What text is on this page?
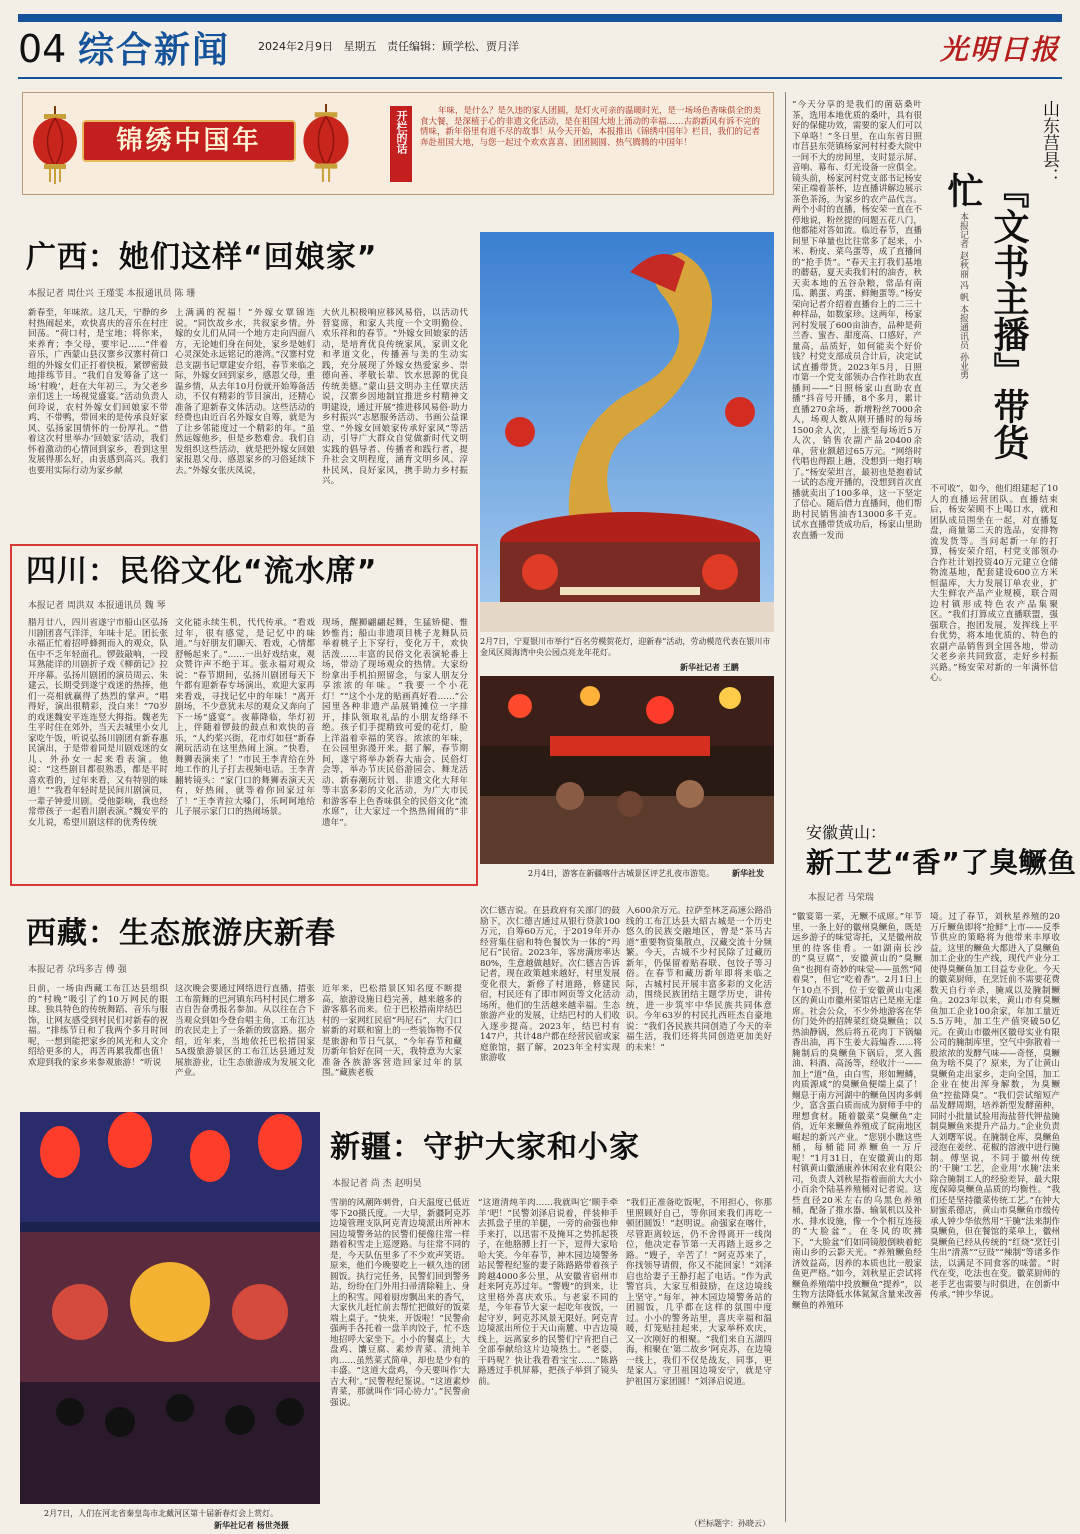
04 综合新闻	2024年2月9日 星期五 责任编辑：顾学松、贾月洋	光明日报
锦绣中国年	开栏的话	年味，是什么？是久违的家人团圆，是灯火可亲的温暖时光，是一场场色香味俱全的美食大餐，是深植于心的非遗文化活动，是在祖国大地上涌动的幸福……古韵新风有诉不完的情味，新年俗里有道不尽的故事！从今天开始，本报推出《锦绣中国年》栏目，我们的记者奔赴祖国大地，与您一起过个欢欢喜喜、团团圆圆、热气腾腾的中国年！
广西：她们这样“回娘家”
本报记者 周仕兴 王瑾雯 本报通讯员 陈 珊
新春至，年味浓。这几天，宁静的乡村热闹起来，欢快喜庆的音乐在村庄回荡。“荷口村，是宝地；将你来，来养育；李父母，要牢记……”伴着音乐，广西蒙山县汉寨乡汉寨村荷口组的外嫁女们正打着快板，紧锣密鼓地排练节目。“我们自发筹备了这一场‘村晚’，赶在大年初三，为父老乡亲们送上一场视觉盛宴。”活动负责人何玲说，农村外嫁女们回娘家不带鸡、不带鸭，带回来的是传承良好家风、弘扬家国情怀的一份厚礼。“借着这次村里举办‘回娘家’活动，我们怀着激动的心情回到家乡，看到这里发展得那么好，由衷感到高兴。我们也要用实际行动为家乡献
上满满的祝福！”外嫁女覃锦连说。“同饮故乡水，共叙家乡情。外嫁的女儿们从同一个地方走向四面八方，无论她们身在何处，家乡是她们心灵深处永远铭记的港湾。”汉寨村党总支副书记覃建安介绍，春节来临之际，外嫁女回到家乡，感恩父母，重温乡情，从去年10月份就开始筹备活动，不仅有精彩的节目演出，还精心准备了迎新春文体活动。这些活动的经费也由近百名外嫁女自筹，就是为了让乡邻能度过一个精彩的年。“虽然远嫁他乡，但是乡愁难舍。我们自发组织这些活动，就是把外嫁女回娘家报恩父母、感恩家乡的习俗延续下去。”外嫁女张庆凤说，
大伙儿积极响应移风易俗，以活动代替宴席，和家人共度一个文明勤俭、欢乐祥和的春节。“外嫁女回娘家的活动，是培育优良传统家风，家训文化和孝道文化，传播善与美的生动实践，充分展现了外嫁女热爱家乡、崇德向善、孝敬长辈、饮水思源的优良传统美德。”蒙山县文明办主任覃庆活说，汉寨乡因地制宜推进乡村精神文明建设，通过开展“推进移风易俗·助力乡村振兴”志愿服务活动、书画公益课堂、“外嫁女回娘家传承好家风”等活动，引导广大群众自觉做新时代文明实践的倡导者、传播者和践行者，提升社会文明程度，涵育文明乡风、淳朴民风、良好家风，携手助力乡村振兴。
2月7日，宁夏银川市举行“百名劳模贺花灯，迎新春”活动，劳动模范代表在银川市金凤区阅海湾中央公园点亮龙年花灯。
新华社记者 王鹏
2月4日，游客在新疆喀什古城景区评艺扎夜市游览。	新华社发
四川：民俗文化“流水席”
本报记者 周洪双 本报通讯员 魏 琴
腊月廿八，四川省遂宁市船山区弘扬川剧团喜气洋洋，年味十足。团长张永福正忙着招呼蜂拥而入的观众，队伍中不乏年轻面孔。锣鼓敲响，一段耳熟能详的川剧折子戏《柳荫记》拉开序幕。弘扬川剧团的演员周云、朱建云，长期受到遂宁戏迷的热捧，他们一亮相就赢得了热烈的掌声。“唱得好，演出很精彩，没白来！”70岁的戏迷魏安平连连竖大拇指。魏老先生平时住在郊外，当天去城里小女儿家吃午饭，听说弘扬川剧团有新春惠民演出，于是带着同是川剧戏迷的女儿、外孙女一起来看表演。他说：“这些剧目都很熟悉，都是平时喜欢看的，过年来看，又有特别的味道！”“我看年轻时是民间川剧演员，一辈子钟爱川剧。受他影响，我也经常带孩子一起看川剧表演。”魏安平的女儿说，希望川剧这样的优秀传统
文化能永续生机，代代传承。“看戏过年，很有感觉，是记忆中的味道。”与好朋友们聊天、看戏，心情都舒畅起来了。”……一出好戏结束，观众赞许声不绝于耳。张永福对观众说：“春节期间，弘扬川剧团每天下午都有迎新春专场演出，欢迎大家再来看戏，寻找记忆中的年味！”离开剧场，不少意犹未尽的观众又奔向了下一场“盛宴”。夜幕降临，华灯初上，伴随着锣鼓的鼓点和欢快的音乐，“人约桨兴街，花市灯如昼”新春潮玩活动在这里热闹上演。“快看，舞狮表演来了！”市民王李青给在外地工作的儿子打去视频电话。王李青翻转镜头：“家门口的舞狮表演天天有，好热闹，就等着你回家过年了！”王李青拉大嗓门，乐呵呵地给儿子展示家门口的热闹场景。
现场，醒狮翩翩起舞，生猛矫健、惟妙惟肖；船山非遗项目桃子龙舞队员举着桃子上下穿行，变化万千，欢快活泼……丰富的民俗文化表演轮番上场，带动了现场观众的热情。大家纷纷拿出手机拍照留念，与家人朋友分享浓浓的年味。“我要一个小花灯！”“这个小龙的贴画真好看……”公园里各种非遗产品展销摊位一字排开，排队领取礼品的小朋友络绎不绝。孩子们手提精致可爱的花灯，脸上洋溢着幸福的笑容。浓浓的年味，在公园里弥漫开来。据了解，春节期间，遂宁将举办新春大庙会、民俗灯会等，举办节庆民俗游园会、舞龙活动、新春潮玩计划、非遗文化大拜年等丰富多彩的文化活动，为广大市民和游客奉上色香味俱全的民俗文化“流水席”，让大家过一个热热闹闹的“非遗年”。
西藏：生态旅游庆新春
本报记者 尕玛多吉 傅 强
日前，一场由西藏工布江达县组织的“村晚”吸引了约10万网民的眼球。独具特色的传统舞蹈、音乐与服饰，让网友感受到村民们对新春的祝福。“排练节日和了我两个多月时间呢，一想到能把家乡的风光和人文介绍给更多的人，再苦再累我都也值！欢迎到我的家乡来参观旅游！”听说
这次晚会要通过网络进行直播，措张工布箭舞的巴河镇东玛村村民仁增多吉自告奋勇报名参加。从以往在合下当观众到如今登台唱主角，工布江达的农民走上了一条新的致富路。据介绍，近年来，当地依托巴松措国家5A级旅游景区的工布江达县通过发展旅游业，让生态旅游成为发展文化产业。
近年来，巴松措景区知名度不断提高，旅游设施日趋完善，越来越多的游客慕名而来。位于巴松措南岸结巴村的一家网红民宿“玛尼石”，大门口崭新的对联和窗上的一些装饰物不仅是旅游和节日气氛，“今年春节和藏历新年恰好在同一天，我特意为大家准备各族游客营造回家过年的氛围。”藏族老板
次仁德吉说。在县政府有关部门的鼓励下，次仁德吉通过从银行贷款100万元，自筹60万元，于2019年开办经营集住宿和特色餐饮为一体的“玛尼石”民宿。2023年，客房满房率达80%，生意越做越好。次仁德吉告诉记者，现在政策越来越好，村里发展变化很大，新修了村道路，修建民宿，村民还有了即市网页等文化活动场所，他们的生活越来越幸福。生态旅游产业的发展，让结巴村的人们收入逐步提高。2023年，结巴村有147户，共计48户都在经营民宿或家庭旅馆，据了解，2023年全村实现旅游收
入600余万元。拉萨至林芝高速公路沿线的工布江达县大昭古城是一个历史悠久的民族交融地区，曾是“茶马古道”重要物资集散点，汉藏交流十分频繁。今天，古城不少村民除了过藏历新年，仍保留着贴春联、包饺子等习俗。在春节和藏历新年即将来临之际，古城村民开展丰富多彩的文化活动，围绕民族团结主题学历史，讲传统，进一步筑牢中华民族共同体意识。今年63岁的村民扎西旺杰自豪地说：“我们各民族共同创造了今天的幸福生活，我们还将共同创造更加美好的未来！”
2月7日，人们在河北省秦皇岛市北戴河区第十届新春灯会上赏灯。
新华社记者 杨世尧摄
新疆：守护大家和小家
本报记者 尚 杰 赵明昊
雪崩的风潮阵刺骨，白天温度已低近零下20摄氏度。一大早，新疆阿克苏边境管理支队阿克青边境派出所神木园边境警务站的民警们便像往常一样踏着积雪走上巡逻路。与往常不同的是，今天队伍里多了不少欢声笑语。原来，他们今晚要吃上一顿久违的团圆饭。执行完任务，民警们回到警务站，纷纷在门外用扫帚清除鞋上、身上的积雪。闻着厨房飘出来的香气，大家伙儿赶忙前去帮忙把做好的饭菜端上桌子。“快来，开饭啦！”民警俞强两手各托着一盘羊肉饺子，忙不迭地招呼大家坐下。小小的餐桌上，大盘鸡、馕豆腐、素炒青菜、清炖羊肉……虽然菜式简单，却也是少有的丰盛。“这道大盘鸡，今天要叫作‘大吉大利’。”民警程纪鉴说。“这道素炒青菜，那就叫作‘同心协力’。”民警俞强说。
“这道清炖羊肉……我就叫它‘顺手牵羊’吧！”民警刘泽启说着，伴装伸手去抓盘子里的羊腿，一旁的俞强也伸手来打，以迅雷不及掩耳之势抓起筷子，在他胳膊上打一下，逗得大家哈哈大笑。今年春节，神木园边境警务站民警程纪鉴的妻子陈路路带着孩子跨越4000多公里，从安徽省宿州市赶来阿克苏过年。“警嫂”的到来，让这里格外喜庆欢乐。与老家不同的是，今年春节大家一起吃年夜饭，一起守岁，阿克苏风景无限好。阿克青边境派出所位于天山南麓、中吉边境线上，远离家乡的民警们宁肯把自己全部奉献给这片边境热土。“老婆，干吗呢？快让我看看宝宝……”陈路路透过手机屏幕，把孩子举到了镜头前。
“我们正准备吃饭呢，不用担心，你那里照顾好自己，等你回来我们再吃一顿团圆饭！”赵明说。俞强家在喀什，尽管距离较远，仍不舍得离开一线岗位，他决定春节第一天再踏上返乡之路。“嫂子，辛苦了！”阿克苏来了，你找领导请假，你又不能回家！”刘泽启也给妻子王静打起了电话。“作为武警官兵，大家互相鼓励，在这边境线上坚守。”每年，神木园边境警务站的团圆饭，几乎都在这样的氛围中度过。小小的警务站里，喜庆幸福和温暖，灯笼贴挂起来，大家举杯欢庆，又一次刚好的相聚。“我们来自五湖四海，相聚在‘第二故乡’阿克苏，在边境一线上，我们不仅是战友，同事，更是家人。守卫祖国边境安宁，就是守护祖国万家团圆！”刘泽启说道。
（栏标题字：孙晓云）
“今天分享的是我们的菌菇桑叶茶，选用本地优质的桑叶，具有很好的保健功效，需要的家人们可以下单咯！”冬日里，在山东省日照市莒县东莞镇杨家河村村委大院中一间不大的房间里，支时显示屏、音响、幕布、灯光设备一应俱全。镜头前，杨家河村党支部书记杨安荣正端着茶杯，边直播讲解边展示茶色茶汤，为家乡的农产品代言。两个小时的直播，杨安荣一直在不停地说，粉丝提的问题五花八门，他都能对答如流。临近春节，直播间里下单量也比往常多了起来，小米、粉皮、菜鸟蛋等，成了直播间的“抢手货”。“春天主打我们基地的蘑菇，夏天卖我们村的油杏，秋天卖本地的五谷杂粮，常品有南瓜、鹅蛋、鸡蛋、鲜鲍蛋等。”杨安荣向记者介绍着直播台上的二三十种样品，如数家珍。这两年，杨家河村发展了600亩油杏，品种是荷兰香、蜜杏、甜度高、口感好，产量高，品质好，如何能卖个好价钱？村党支部成员合计后，决定试试直播带货。2023年5月，日照市第一个党支部领办合作社助农直播间——“日照杨家山直助农直播”抖音号开播，8个多月，累计直播270余场，新增粉丝7000余人，场观人数从刚开播时的每场1500余人次，上涨至每场近5万人次，销售农副产品20400余单，营业额超过65万元。“网络时代唱也得跟上趟，没想到一炮打响了。”杨安荣坦言，最初也是抱着试一试的态度开播的，没想到首次直播就卖出了100多单，这一下坚定了信心。随后借力直播间，他们帮助村民销售油杏13000多千克。试水直播带货成功后，杨家山里助农直播一发而
山东莒县：
『文书主播』带货忙
本报记者 赵秋丽 冯 帆 本报通讯员 孙业勇
不可收”，如今，他们组建起了10人的直播运营团队。直播结束后，杨安荣顾不上喝口水，就和团队成员围坐在一起，对直播复盘，商量第二天的选品，安排物流发货等。当问起新一年的打算，杨安荣介绍，村党支部领办合作社计划投资40万元建立仓储物流基地，配套建设600立方米恒温库，大力发展订单农业，扩大生鲜农产品产业规模，联合周边村镇形成特色农产品集聚区。“我们打算成立直播联盟，强强联合，抱团发展，发挥线上平台优势，将本地优质的、特色的农副产品销售到全国各地，带动父老乡亲共同致富，走好乡村振兴路。”杨安荣对新的一年满怀信心。
安徽黄山：
新工艺“香”了臭鳜鱼
本报记者 马荣瑞
“徽宴第一菜，无鳜不成席。”年节里，一条上好的徽州臭鳜鱼，既是远乡游子的味觉寄托，又是徽州故里的待客佳肴。一如湖南长沙的“臭豆腐”，安徽黄山的“臭鳜鱼”也拥有奇妙的味觉——虽然“闻着臭”，但它“吃着香”。2月1日上午10点不到，位于安徽黄山屯溪区的黄山市徽州菜馆店已是座无虚席。社会公众，不少外地游客在华仿门处外的招牌菜红烧臭鳜鱼；以热油静锅，然后将五花肉丁下锅煸香出油，再下生姜大蒜煸香……将腌制后的臭鳜鱼下锅后，烹入酱油、料酒、高汤等，经收汁一——加上“道”鱼，由白雪，形如鲤鳞，肉质源咸”的臭鳜鱼便端上桌了！鲴息于南方河湖中的鳜鱼因肉多刺少，富含蛋白质而成为厨师手中的理想食材。随着徽菜“臭鳜鱼”走俏，近年来鳜鱼养殖成了皖南地区崛起的新兴产业。“您别小瞧这些桶，每桶能同养鳜鱼一万斤呢！”1月31日，在安徽黄山的郑村镇黄山徽涵康养休闲农业有限公司，负责人刘秋星指着面前大大小小百余个陆基养殖桶对记者说。这些直径20米左右的乌黑色养殖桶，配备了推水器、输氧机以及补水、排水设施，像一个个相互连接的“大脸盆”。在冬风的吹拂下，“大脸盆”们如同镜般倒映着蛇南山乡的云影天光。“养殖鳜鱼经济效益高，因养的本质也比一般家鱼更严格。”如今，刘秋星正尝试将鳜鱼养殖端中投放鳜鱼“提养”，以生物方法降低水体氮氮含量来改善鳜鱼的养殖环
境。过了春节，刘秋星养殖的20万斤鳜鱼即将“抢鲜”上市——反季节供应的策略将为他带来丰厚收益。这里的鳜鱼大都进入了臭鳜鱼加工企业的生产线，现代产业分工使得臭鳜鱼加工目益专业化。今天的徽菜厨师，在烹饪前不需要花费数天自行辛杀，腌咸以及腌制鳜鱼。2023年以来，黄山市有臭鳜鱼加工企业100余家，年加工量近5.5万吨，加工生产值突破50亿元。在黄山市徽州区徽母实业有限公司的腌制库里，空气中弥散着一股浓浓的发酵气味——奇怪，臭鳜鱼为啥不臭了？原来，为了让黄山臭鳜鱼走出家乡，走向全国，加工企业在使出浑身解数，为臭鳜鱼“控盐降臭”。“我们尝试缩短产品发酵周期，培养新型发酵菌种，同时小批量试验用海盐替代钾盐腌制臭鳜鱼来提升产品力。”企业负责人刘曙军说。在腌制仓库，臭鳜鱼浸泡在姜丝、花椒的溶液中进行腌制。傅坚说，不同于徽州传统的‘干腌’工艺，企业用‘水腌’法来除合腌制工人的经验差异，最大限度保障臭鳜鱼品质的均衡性。“我们还是坚持徽菜传统工艺。”在钟大厨蜜系德店，黄山市臭鳜鱼市级传承人钟少华依然用“干腌”法来制作臭鳜鱼，但在餐馆的菜单上，徽州臭鳜鱼已经从传统的“红烧”烹饪引生出“清蒸”“豆豉”“辣制”等诸多作法，以满足不同食客的味蕾。“时代在变，吃法也在变。徽菜厨师的老手艺也需要与时俱进，在创新中传承。”钟少华说。
